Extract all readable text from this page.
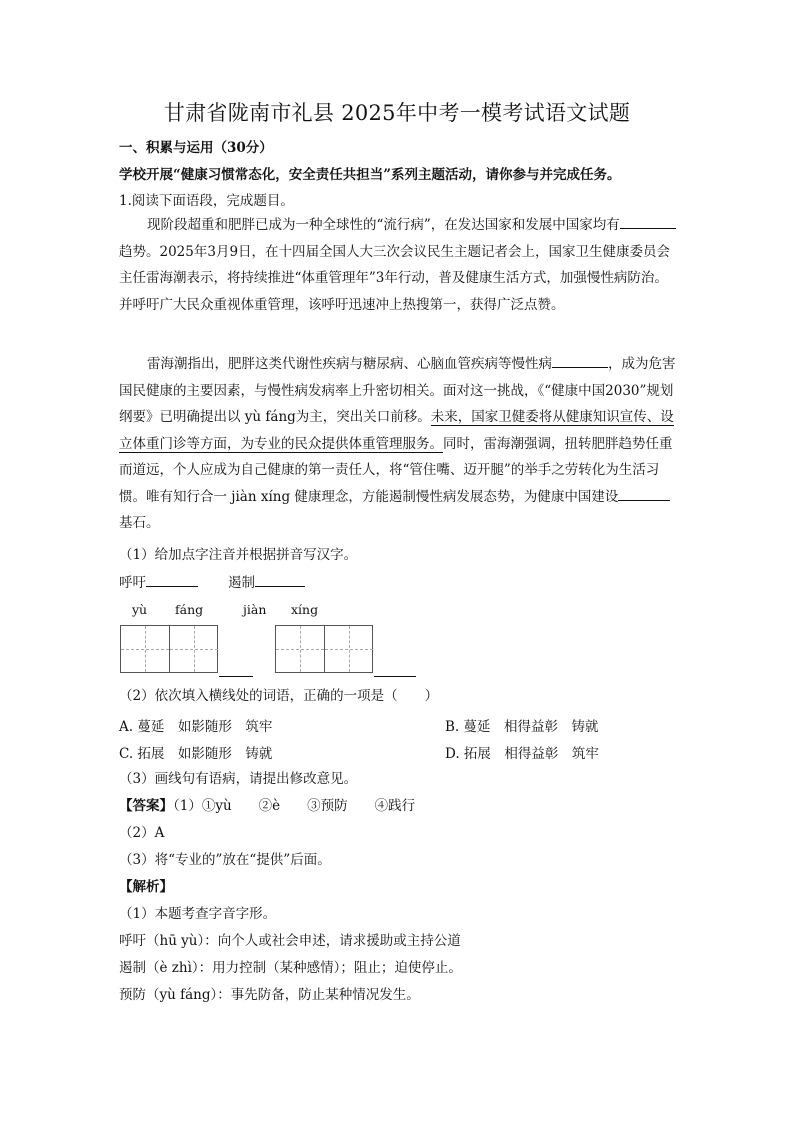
甘肃省陇南市礼县 2025年中考一模考试语文试题
一、积累与运用（30分）
学校开展“健康习惯常态化，安全责任共担当”系列主题活动，请你参与并完成任务。
1.阅读下面语段，完成题目。
现阶段超重和肥胖已成为一种全球性的“流行病”，在发达国家和发展中国家均有趋势。2025年3月9日，在十四届全国人大三次会议民生主题记者会上，国家卫生健康委员会主任雷海潮表示，将持续推进“体重管理年”3年行动，普及健康生活方式，加强慢性病防治。并呼吁广大民众重视体重管理，该呼吁迅速冲上热搜第一，获得广泛点赞。
雷海潮指出，肥胖这类代谢性疾病与糖尿病、心脑血管疾病等慢性病	，成为危害国民健康的主要因素，与慢性病发病率上升密切相关。面对这一挑战，《“健康中国2030”规划纲要》已明确提出以 yù fáng为主，突出关口前移。未来，国家卫健委将从健康知识宣传、设立体重门诊等方面，为专业的民众提供体重管理服务。同时，雷海潮强调，扭转肥胖趋势任重而道远，个人应成为自己健康的第一责任人，将“管住嘴、迈开腿”的举手之劳转化为生活习惯。唯有知行合一 jiàn xíng 健康理念，方能遏制慢性病发展态势，为健康中国建设基石。
（1）给加点字注音并根据拼音写汉字。
呼吁	遏制
yù fáng	jiàn xíng
（2）依次填入横线处的词语，正确的一项是（　　）
A. 蔓延　如影随形　筑牢	B. 蔓延　相得益彰　铸就
C. 拓展　如影随形　铸就	D. 拓展　相得益彰　筑牢
（3）画线句有语病，请提出修改意见。
【答案】（1）①yù　　②è　　③预防　　④践行
（2）A
（3）将“专业的”放在“提供”后面。
【解析】
（1）本题考查字音字形。
呼吁（hū yù）：向个人或社会申述，请求援助或主持公道
遏制（è zhì）：用力控制（某种感情）；阻止；迫使停止。
预防（yù fáng）：事先防备，防止某种情况发生。
